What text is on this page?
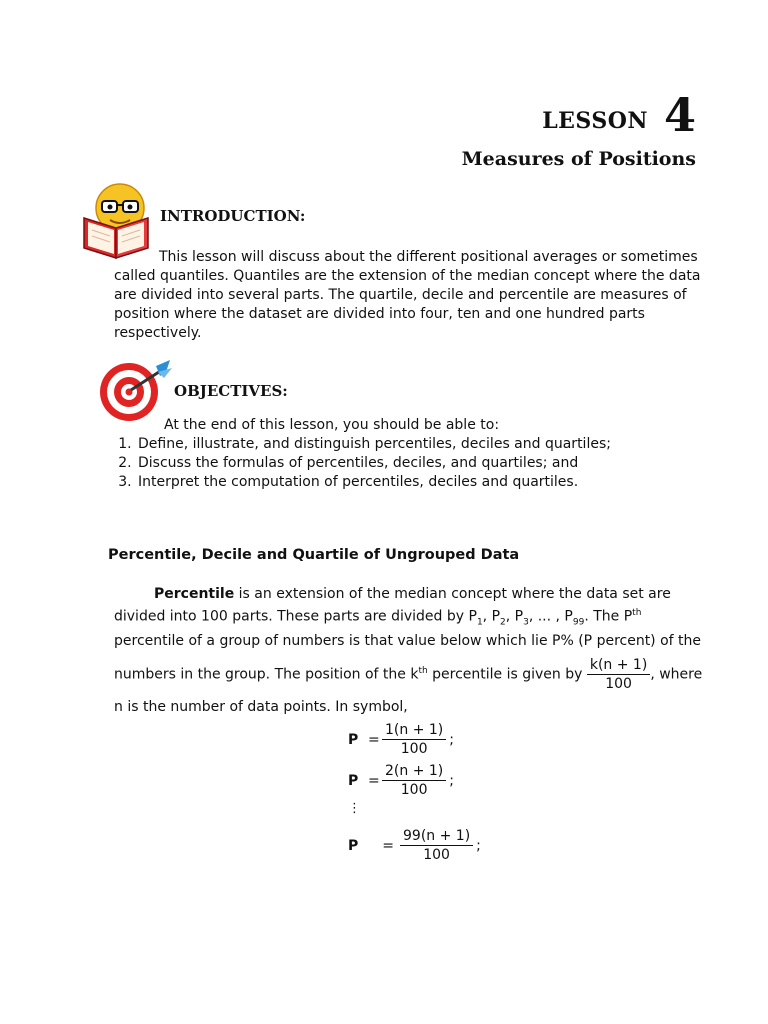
LESSON 4
Measures of Positions
INTRODUCTION:
This lesson will discuss about the different positional averages or sometimes called quantiles. Quantiles are the extension of the median concept where the data are divided into several parts. The quartile, decile and percentile are measures of position where the dataset are divided into four, ten and one hundred parts respectively.
OBJECTIVES:
At the end of this lesson, you should be able to:
1. Define, illustrate, and distinguish percentiles, deciles and quartiles;
2. Discuss the formulas of percentiles, deciles, and quartiles; and
3. Interpret the computation of percentiles, deciles and quartiles.
Percentile, Decile and Quartile of Ungrouped Data
Percentile is an extension of the median concept where the data set are divided into 100 parts. These parts are divided by $P_1$, $P_2$, $P_3$, ... , $P_{99}$. The $P^{th}$ percentile of a group of numbers is that value below which lie P% (P percent) of the numbers in the group. The position of the $k^{th}$ percentile is given by $\frac{k(n + 1)}{100}$ , where n is the number of data points. In symbol,
$P = \frac{1(n + 1)}{100}$ ;
$P = \frac{2(n + 1)}{100}$ ;
⋮
P	= $\frac{99(n + 1)}{100}$ ;
